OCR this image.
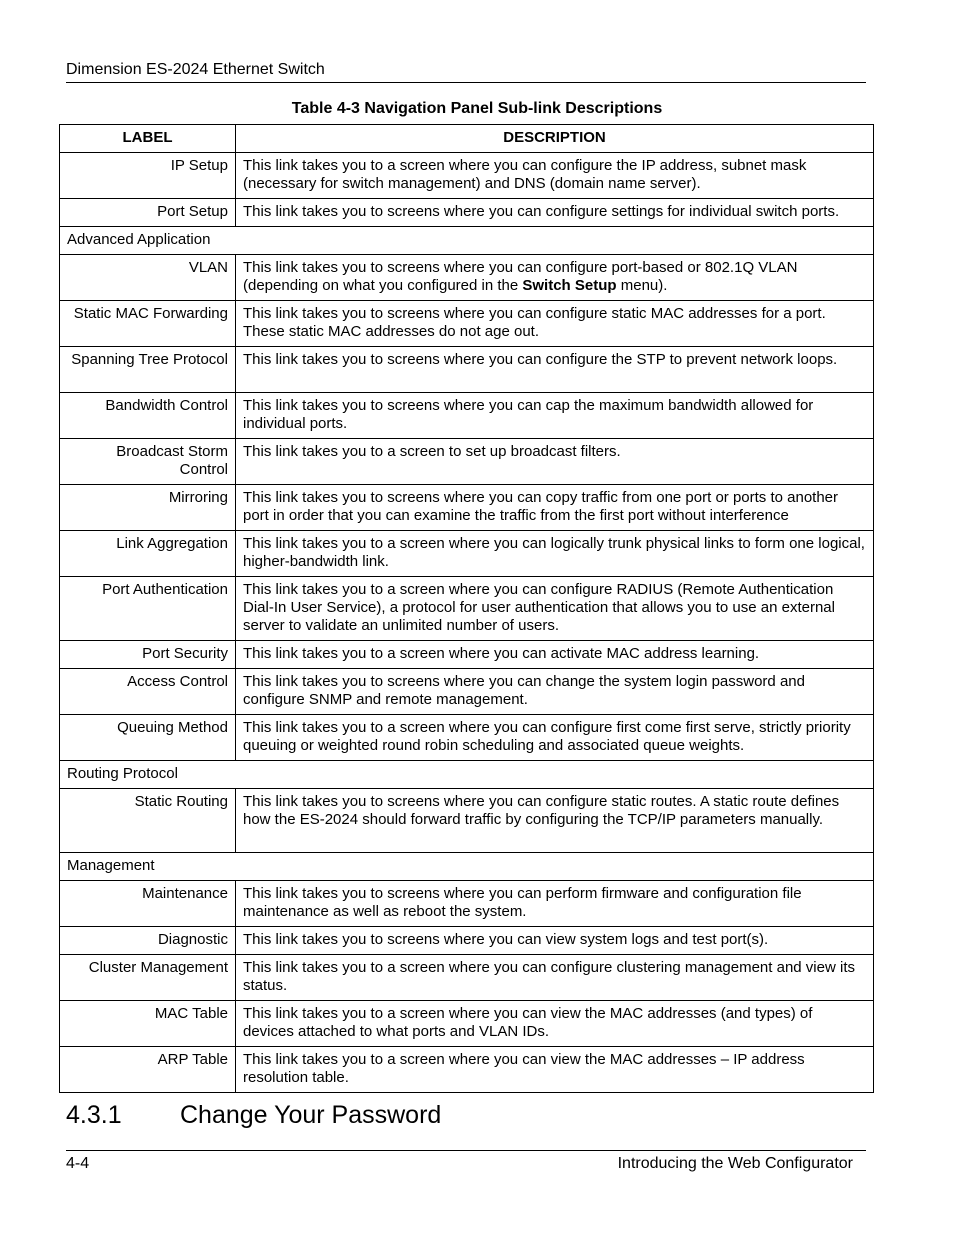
Dimension ES-2024 Ethernet Switch
Table 4-3 Navigation Panel Sub-link Descriptions
LABEL	DESCRIPTION
IP Setup	This link takes you to a screen where you can configure the IP address, subnet mask (necessary for switch management) and DNS (domain name server).
Port Setup	This link takes you to screens where you can configure settings for individual switch ports.
Advanced Application	
VLAN	This link takes you to screens where you can configure port-based or 802.1Q VLAN (depending on what you configured in the Switch Setup menu).
Static MAC Forwarding	This link takes you to screens where you can configure static MAC addresses for a port. These static MAC addresses do not age out.
Spanning Tree Protocol	This link takes you to screens where you can configure the STP to prevent network loops.
Bandwidth Control	This link takes you to screens where you can cap the maximum bandwidth allowed for individual ports.
Broadcast Storm Control	This link takes you to a screen to set up broadcast filters.
Mirroring	This link takes you to screens where you can copy traffic from one port or ports to another port in order that you can examine the traffic from the first port without interference
Link Aggregation	This link takes you to a screen where you can logically trunk physical links to form one logical, higher-bandwidth link.
Port Authentication	This link takes you to a screen where you can configure RADIUS (Remote Authentication Dial-In User Service), a protocol for user authentication that allows you to use an external server to validate an unlimited number of users.
Port Security	This link takes you to a screen where you can activate MAC address learning.
Access Control	This link takes you to screens where you can change the system login password and configure SNMP and remote management.
Queuing Method	This link takes you to a screen where you can configure first come first serve, strictly priority queuing or weighted round robin scheduling and associated queue weights.
Routing Protocol	
Static Routing	This link takes you to screens where you can configure static routes. A static route defines how the ES-2024 should forward traffic by configuring the TCP/IP parameters manually.
Management	
Maintenance	This link takes you to screens where you can perform firmware and configuration file maintenance as well as reboot the system.
Diagnostic	This link takes you to screens where you can view system logs and test port(s).
Cluster Management	This link takes you to a screen where you can configure clustering management and view its status.
MAC Table	This link takes you to a screen where you can view the MAC addresses (and types) of devices attached to what ports and VLAN IDs.
ARP Table	This link takes you to a screen where you can view the MAC addresses – IP address resolution table.
4.3.1 Change Your Password
4-4	Introducing the Web Configurator
